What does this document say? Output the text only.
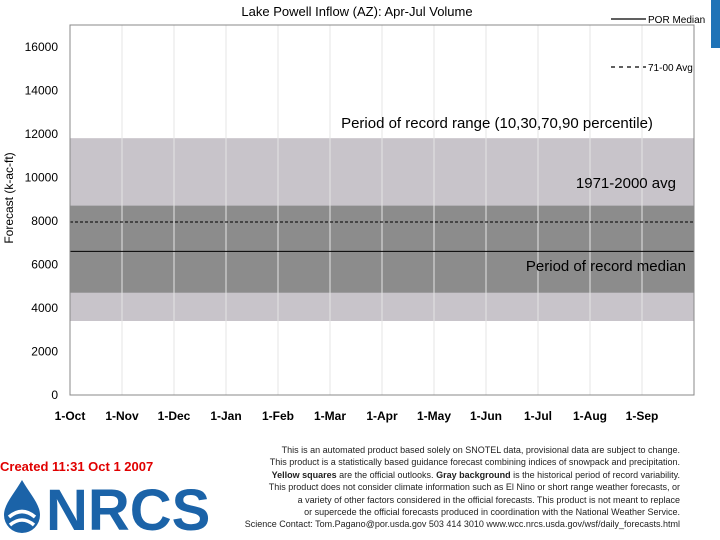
Lake Powell Inflow (AZ): Apr-Jul Volume
Forecast (k-ac-ft)
0
2000
4000
6000
8000
10000
12000
14000
16000
1-Oct 1-Nov 1-Dec 1-Jan 1-Feb 1-Mar 1-Apr 1-May 1-Jun 1-Jul 1-Aug 1-Sep
Period of record range (10,30,70,90 percentile)
1971-2000 avg
Period of record median
POR Median
71-00 Avg
Created 11:31 Oct 1 2007
NRCS
This is an automated product based solely on SNOTEL data, provisional data are subject to change.
This product is a statistically based guidance forecast combining indices of snowpack and precipitation.
Yellow squares are the official outlooks. Gray background is the historical period of record variability.
This product does not consider climate information such as El Nino or short range weather forecasts, or
a variety of other factors considered in the official forecasts. This product is not meant to replace
or supercede the official forecasts produced in coordination with the National Weather Service.
Science Contact: Tom.Pagano@por.usda.gov 503 414 3010 www.wcc.nrcs.usda.gov/wsf/daily_forecasts.html
